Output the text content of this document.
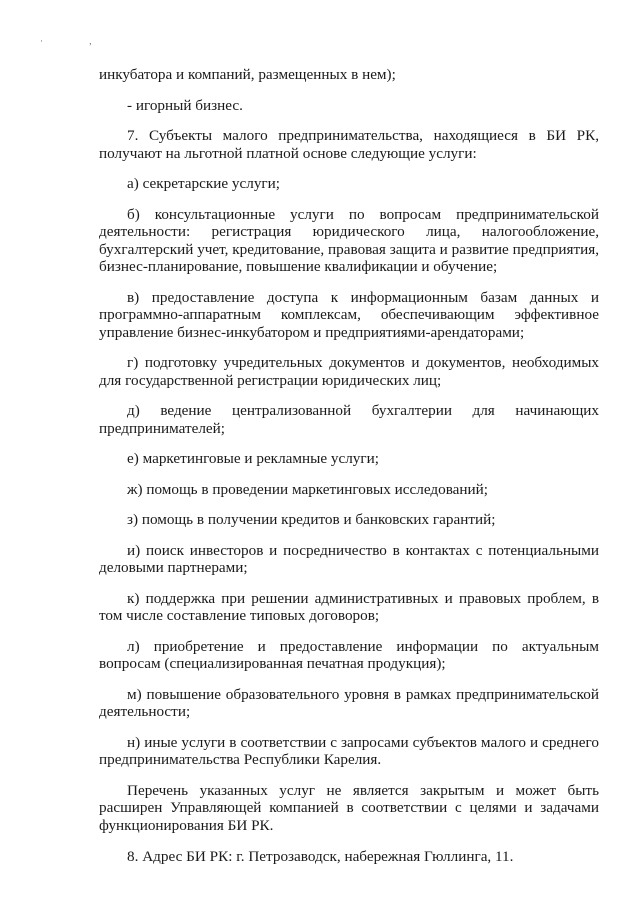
· ,

инкубатора и компаний, размещенных в нем);

- игорный бизнес.

7. Субъекты малого предпринимательства, находящиеся в БИ РК, получают на льготной платной основе следующие услуги:

а) секретарские услуги;

б) консультационные услуги по вопросам предпринимательской деятельности: регистрация юридического лица, налогообложение, бухгалтерский учет, кредитование, правовая защита и развитие предприятия, бизнес-планирование, повышение квалификации и обучение;

в) предоставление доступа к информационным базам данных и программно-аппаратным комплексам, обеспечивающим эффективное управление бизнес-инкубатором и предприятиями-арендаторами;

г) подготовку учредительных документов и документов, необходимых для государственной регистрации юридических лиц;

д) ведение централизованной бухгалтерии для начинающих предпринимателей;

е) маркетинговые и рекламные услуги;

ж) помощь в проведении маркетинговых исследований;

з) помощь в получении кредитов и банковских гарантий;

и) поиск инвесторов и посредничество в контактах с потенциальными деловыми партнерами;

к) поддержка при решении административных и правовых проблем, в том числе составление типовых договоров;

л) приобретение и предоставление информации по актуальным вопросам (специализированная печатная продукция);

м) повышение образовательного уровня в рамках предпринимательской деятельности;

н) иные услуги в соответствии с запросами субъектов малого и среднего предпринимательства Республики Карелия.

Перечень указанных услуг не является закрытым и может быть расширен Управляющей компанией в соответствии с целями и задачами функционирования БИ РК.

8. Адрес БИ РК: г. Петрозаводск, набережная Гюллинга, 11.
